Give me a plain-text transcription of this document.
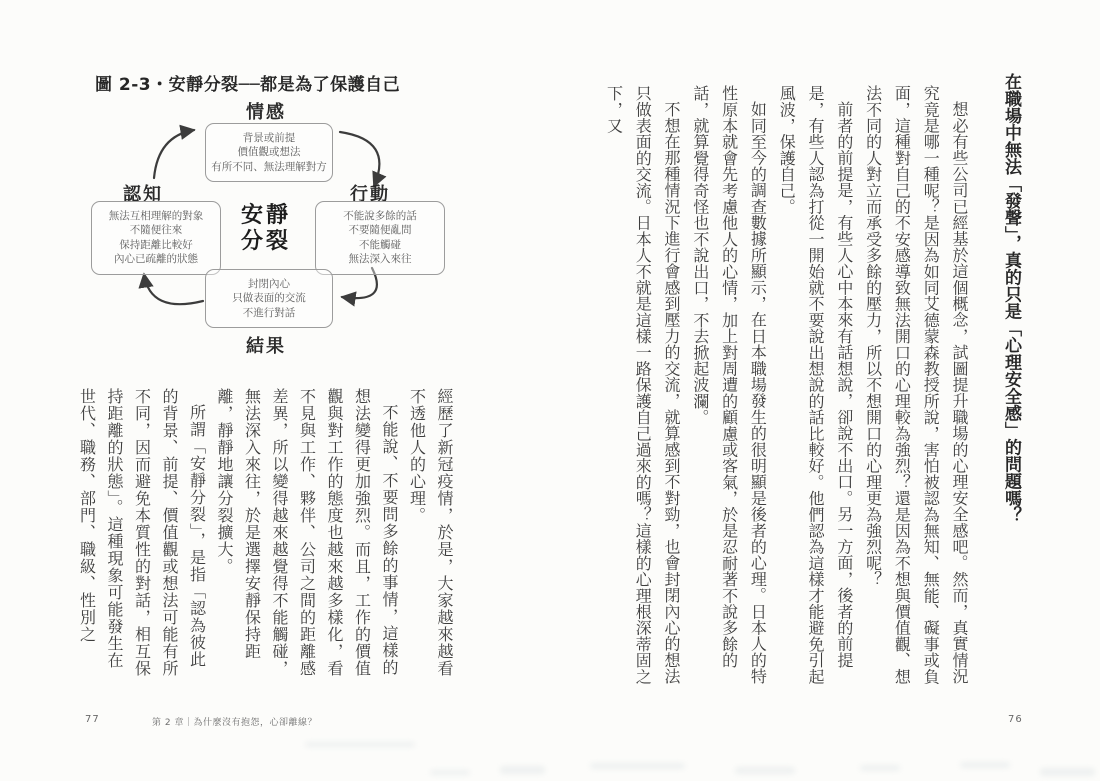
圖 2-3・安靜分裂──都是為了保護自己
情感
背景或前提
價值觀或想法
有所不同、無法理解對方
認知
無法互相理解的對象
不隨便往來
保持距離比較好
內心已疏離的狀態
行動
不能說多餘的話
不要隨便亂問
不能觸碰
無法深入來往
安靜
分裂
封閉內心
只做表面的交流
不進行對話
結果

經歷了新冠疫情，於是，大家越來越看不透他人的心理。

不能說、不要問多餘的事情，這樣的想法變得更加強烈。而且，工作的價值觀與對工作的態度也越來越多樣化，看不見與工作、夥伴、公司之間的距離感差異，所以變得越來越覺得不能觸碰，無法深入來往，於是選擇安靜保持距離，靜靜地讓分裂擴大。

所謂「安靜分裂」，是指「認為彼此的背景、前提、價值觀或想法可能有所不同，因而避免本質性的對話，相互保持距離的狀態」。這種現象可能發生在世代、職務、部門、職級、性別之

77	第 2 章｜為什麼沒有抱怨，心卻離線？
在職場中無法「發聲」，真的只是「心理安全感」的問題嗎？

想必有些公司已經基於這個概念，試圖提升職場的心理安全感吧。然而，真實情況究竟是哪一種呢？是因為如同艾德蒙森教授所說，害怕被認為無知、無能、礙事或負面，這種對自己的不安感導致無法開口的心理較為強烈？還是因為不想與價值觀、想法不同的人對立而承受多餘的壓力，所以不想開口的心理更為強烈呢？

前者的前提是，有些人心中本來有話想說，卻說不出口。另一方面，後者的前提是，有些人認為打從一開始就不要說出想說的話比較好。他們認為這樣才能避免引起風波，保護自己。

如同至今的調查數據所顯示，在日本職場發生的很明顯是後者的心理。日本人的特性原本就會先考慮他人的心情，加上對周遭的顧慮或客氣，於是忍耐著不說多餘的話，就算覺得奇怪也不說出口，不去掀起波瀾。

不想在那種情況下進行會感到壓力的交流，就算感到不對勁，也會封閉內心的想法只做表面的交流。日本人不就是這樣一路保護自己過來的嗎？這樣的心理根深蒂固之下，又

76
